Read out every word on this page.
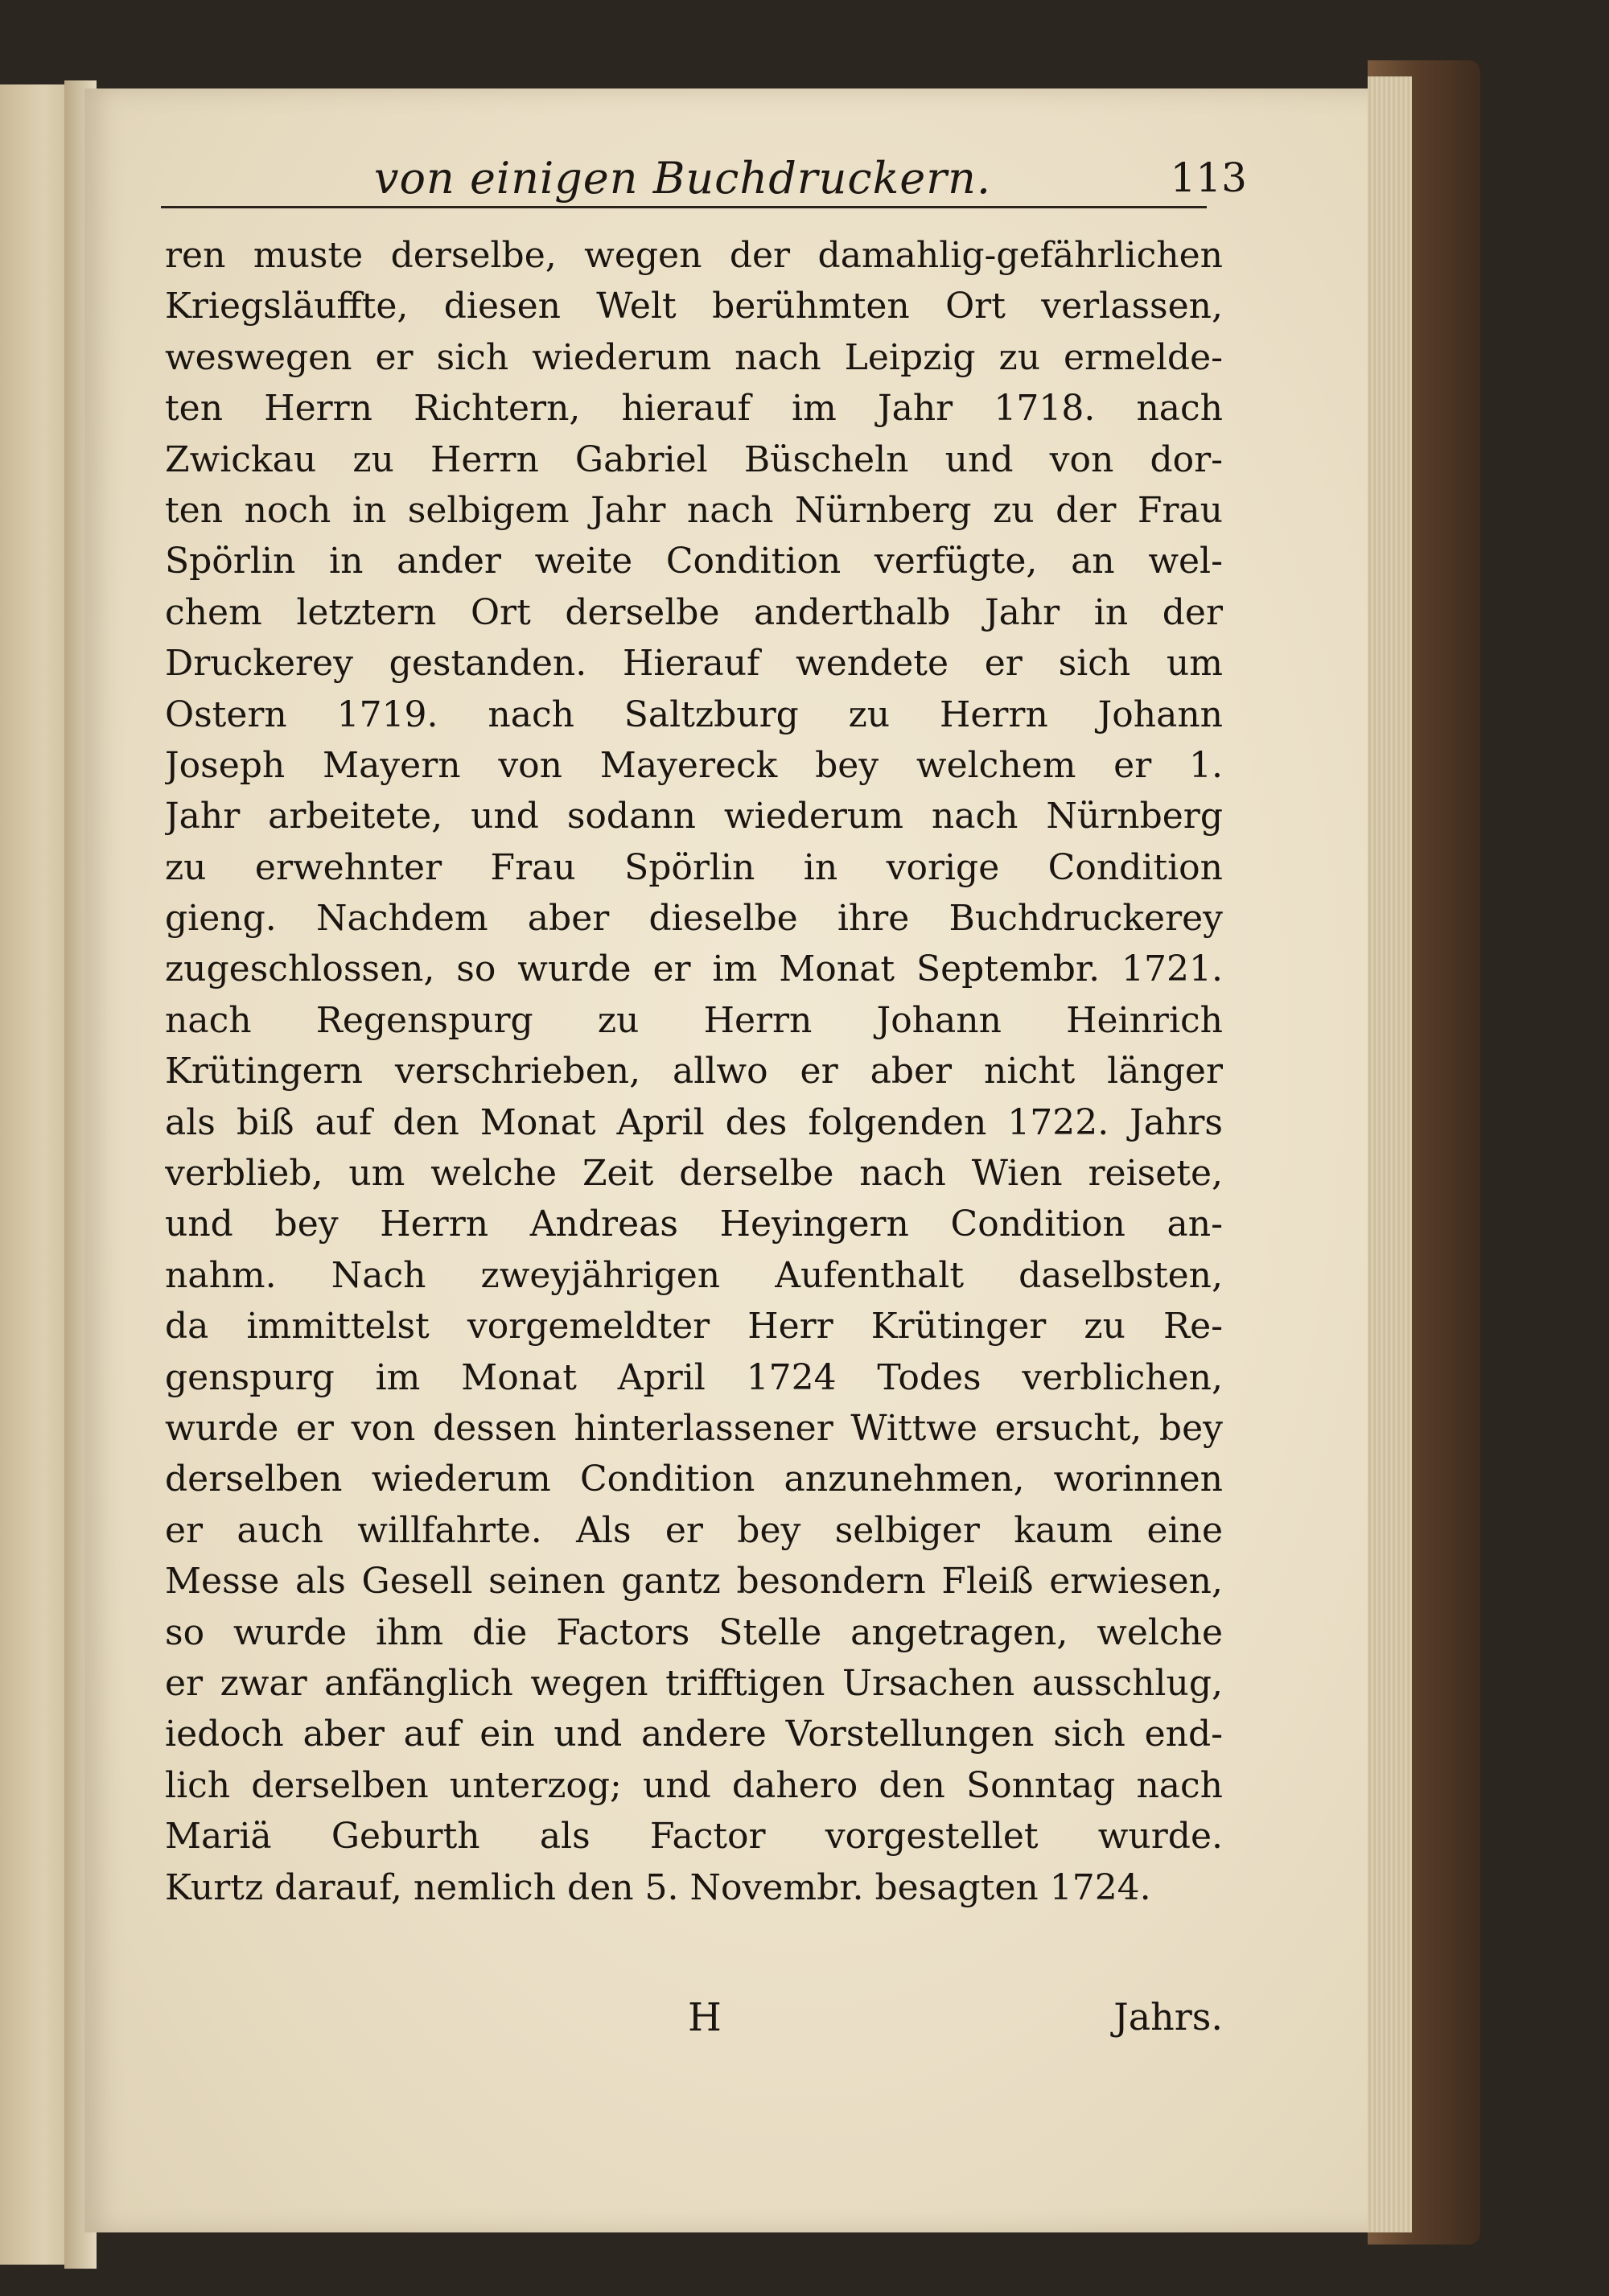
von einigen Buchdruckern.	113
ren muste derselbe, wegen der damahlig-gefährlichen
Kriegsläuffte, diesen Welt berühmten Ort verlassen,
weswegen er sich wiederum nach Leipzig zu ermelde-
ten Herrn Richtern, hierauf im Jahr 1718. nach
Zwickau zu Herrn Gabriel Büscheln und von dor-
ten noch in selbigem Jahr nach Nürnberg zu der Frau
Spörlin in ander weite Condition verfügte, an wel-
chem letztern Ort derselbe anderthalb Jahr in der
Druckerey gestanden. Hierauf wendete er sich um
Ostern 1719. nach Saltzburg zu Herrn Johann
Joseph Mayern von Mayereck bey welchem er 1.
Jahr arbeitete, und sodann wiederum nach Nürnberg
zu erwehnter Frau Spörlin in vorige Condition
gieng. Nachdem aber dieselbe ihre Buchdruckerey
zugeschlossen, so wurde er im Monat Septembr. 1721.
nach Regenspurg zu Herrn Johann Heinrich
Krütingern verschrieben, allwo er aber nicht länger
als biß auf den Monat April des folgenden 1722. Jahrs
verblieb, um welche Zeit derselbe nach Wien reisete,
und bey Herrn Andreas Heyingern Condition an-
nahm. Nach zweyjährigen Aufenthalt daselbsten,
da immittelst vorgemeldter Herr Krütinger zu Re-
genspurg im Monat April 1724 Todes verblichen,
wurde er von dessen hinterlassener Wittwe ersucht, bey
derselben wiederum Condition anzunehmen, worinnen
er auch willfahrte. Als er bey selbiger kaum eine
Messe als Gesell seinen gantz besondern Fleiß erwiesen,
so wurde ihm die Factors Stelle angetragen, welche
er zwar anfänglich wegen trifftigen Ursachen ausschlug,
iedoch aber auf ein und andere Vorstellungen sich end-
lich derselben unterzog; und dahero den Sonntag nach
Mariä Geburth als Factor vorgestellet wurde.
Kurtz darauf, nemlich den 5. Novembr. besagten 1724.
H	Jahrs.
